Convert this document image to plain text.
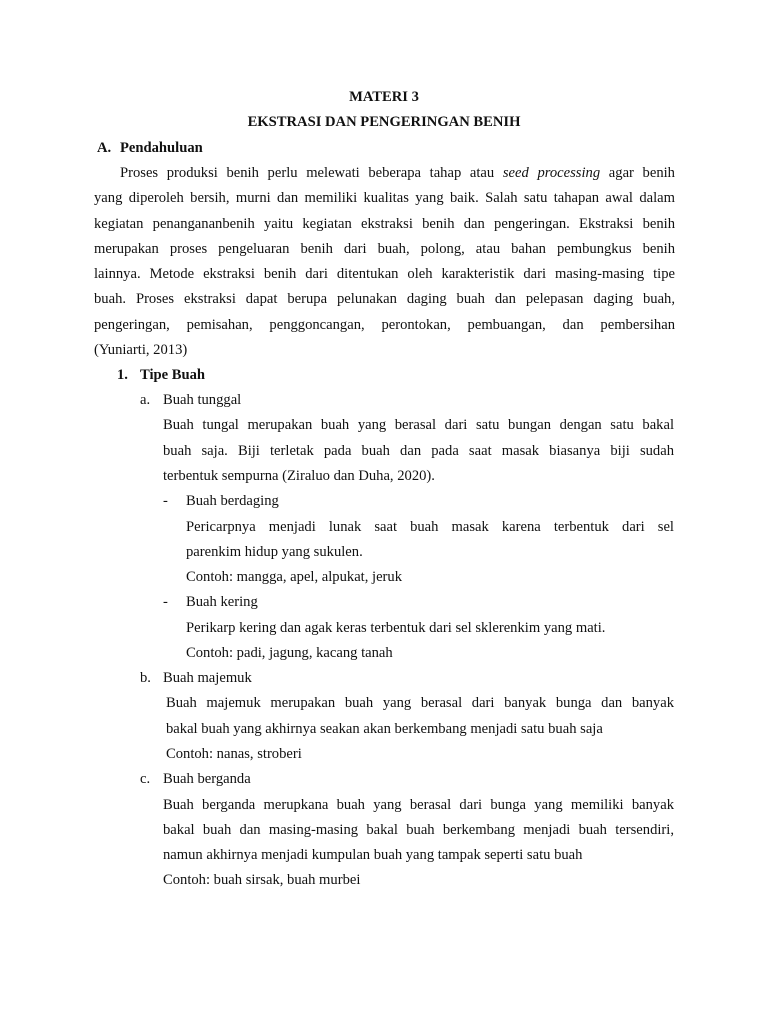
MATERI 3
EKSTRASI DAN PENGERINGAN BENIH
A. Pendahuluan
Proses produksi benih perlu melewati beberapa tahap atau seed processing agar benih
yang diperoleh bersih, murni dan memiliki kualitas yang baik. Salah satu tahapan awal dalam
kegiatan penangananbenih yaitu kegiatan ekstraksi benih dan pengeringan. Ekstraksi benih
merupakan proses pengeluaran benih dari buah, polong, atau bahan pembungkus benih
lainnya. Metode ekstraksi benih dari ditentukan oleh karakteristik dari masing-masing tipe
buah. Proses ekstraksi dapat berupa pelunakan daging buah dan pelepasan daging buah,
pengeringan, pemisahan, penggoncangan, perontokan, pembuangan, dan pembersihan
(Yuniarti, 2013)
1. Tipe Buah
a. Buah tunggal
Buah tungal merupakan buah yang berasal dari satu bungan dengan satu bakal
buah saja. Biji terletak pada buah dan pada saat masak biasanya biji sudah
terbentuk sempurna (Ziraluo dan Duha, 2020).
- Buah berdaging
Pericarpnya menjadi lunak saat buah masak karena terbentuk dari sel
parenkim hidup yang sukulen.
Contoh: mangga, apel, alpukat, jeruk
- Buah kering
Perikarp kering dan agak keras terbentuk dari sel sklerenkim yang mati.
Contoh: padi, jagung, kacang tanah
b. Buah majemuk
Buah majemuk merupakan buah yang berasal dari banyak bunga dan banyak
bakal buah yang akhirnya seakan akan berkembang menjadi satu buah saja
Contoh: nanas, stroberi
c. Buah berganda
Buah berganda merupkana buah yang berasal dari bunga yang memiliki banyak
bakal buah dan masing-masing bakal buah berkembang menjadi buah tersendiri,
namun akhirnya menjadi kumpulan buah yang tampak seperti satu buah
Contoh: buah sirsak, buah murbei
